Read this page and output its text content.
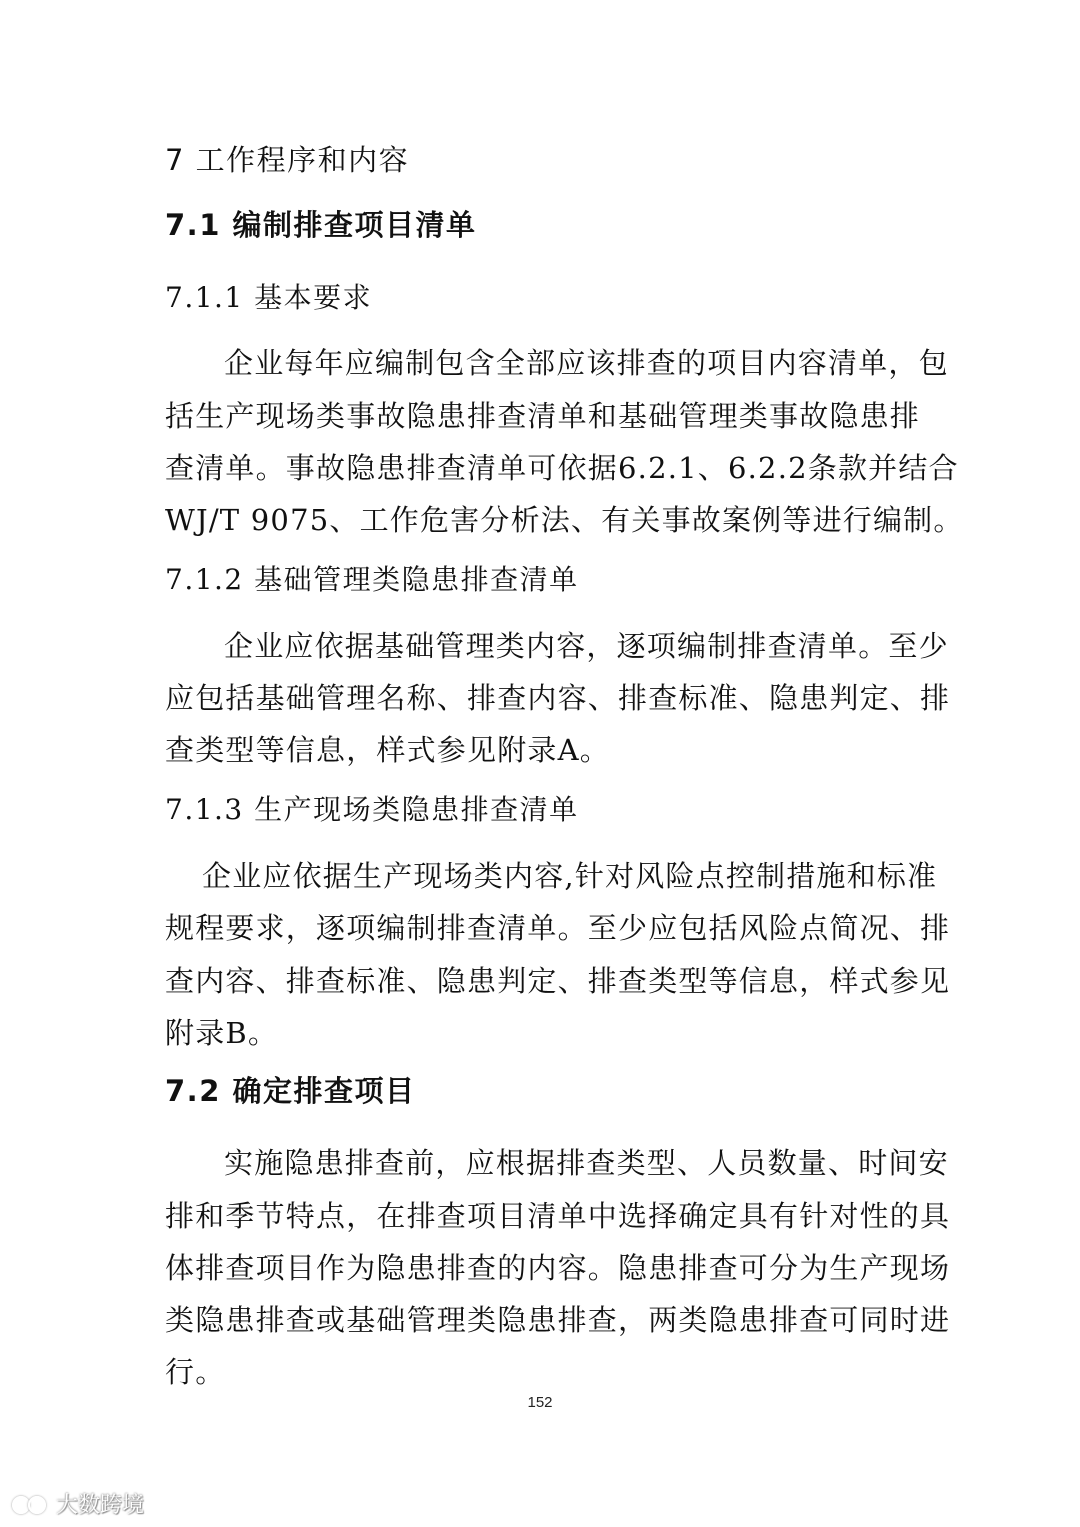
7 工作程序和内容
7.1 编制排查项目清单
7.1.1 基本要求
企业每年应编制包含全部应该排查的项目内容清单，包
括生产现场类事故隐患排查清单和基础管理类事故隐患排
查清单。事故隐患排查清单可依据6.2.1、6.2.2条款并结合
WJ/T 9075、工作危害分析法、有关事故案例等进行编制。
7.1.2 基础管理类隐患排查清单
企业应依据基础管理类内容，逐项编制排查清单。至少
应包括基础管理名称、排查内容、排查标准、隐患判定、排
查类型等信息，样式参见附录A。
7.1.3 生产现场类隐患排查清单
企业应依据生产现场类内容,针对风险点控制措施和标准
规程要求，逐项编制排查清单。至少应包括风险点简况、排
查内容、排查标准、隐患判定、排查类型等信息，样式参见
附录B。
7.2 确定排查项目
实施隐患排查前，应根据排查类型、人员数量、时间安
排和季节特点，在排查项目清单中选择确定具有针对性的具
体排查项目作为隐患排查的内容。隐患排查可分为生产现场
类隐患排查或基础管理类隐患排查，两类隐患排查可同时进
行。
152
大数跨境
